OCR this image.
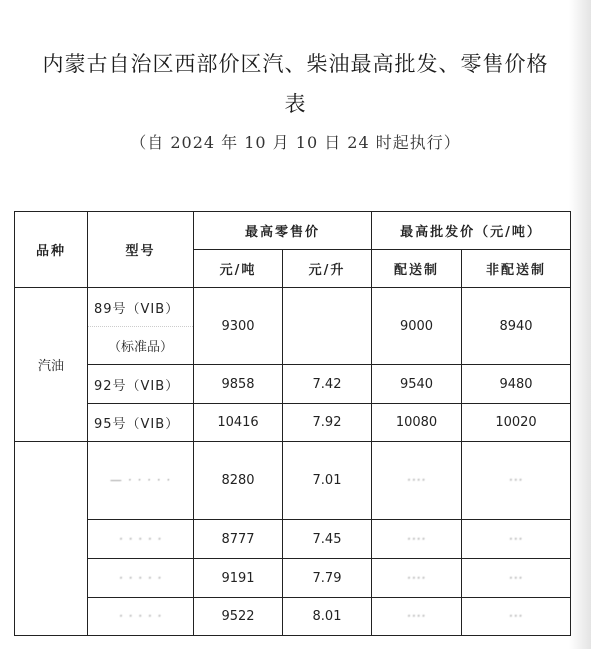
内蒙古自治区西部价区汽、柴油最高批发、零售价格
表
（自 2024 年 10 月 10 日 24 时起执行）
品种	型号	最高零售价		最高批发价（元/吨）	
		元/吨	元/升	配送制	非配送制
汽油	89号（VIB）	9300		9000	8940
	（标准品）				
	92号（VIB）	9858	7.42	9540	9480
	95号（VIB）	10416	7.92	10080	10020
	— · · · · ·	8280	7.01	····	···
	· · · · ·	8777	7.45	····	···
	· · · · ·	9191	7.79	····	···
	· · · · ·	9522	8.01	····	···
